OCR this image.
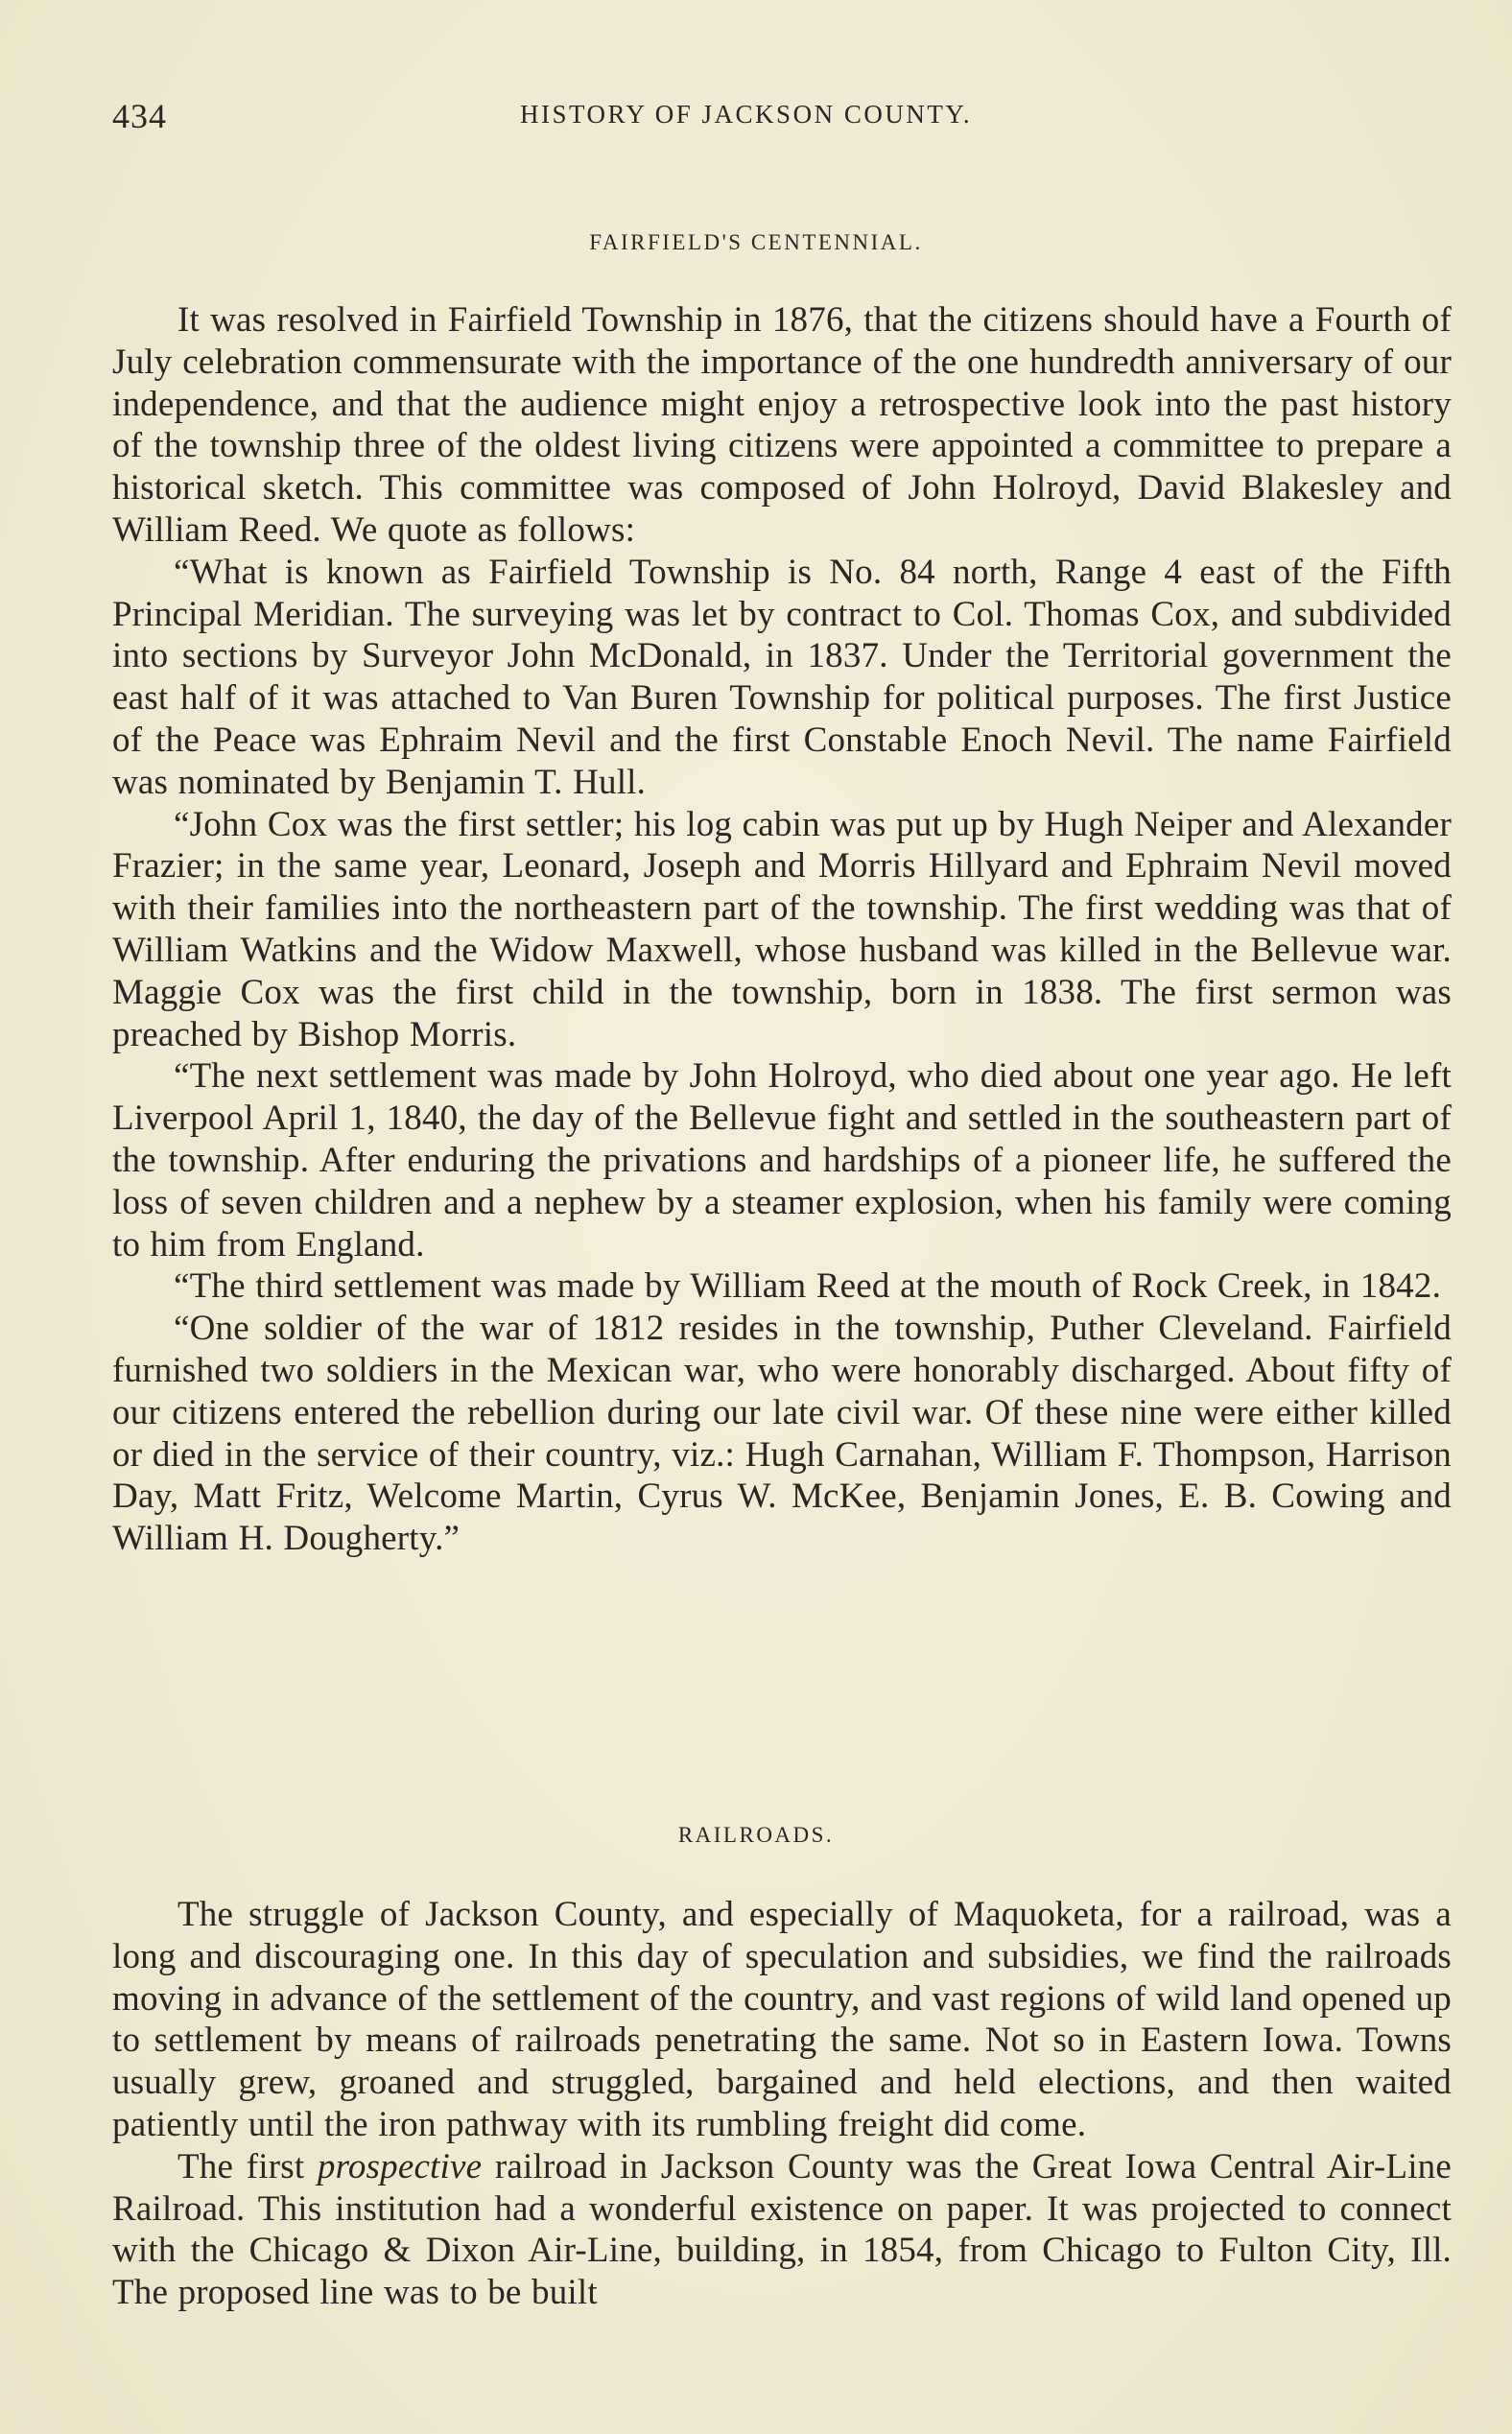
434	HISTORY OF JACKSON COUNTY.
FAIRFIELD'S CENTENNIAL.

It was resolved in Fairfield Township in 1876, that the citizens should have a Fourth of July celebration commensurate with the importance of the one hundredth anniversary of our independence, and that the audience might enjoy a retrospective look into the past history of the township three of the oldest living citizens were appointed a committee to prepare a historical sketch. This committee was composed of John Holroyd, David Blakesley and William Reed. We quote as follows:

“What is known as Fairfield Township is No. 84 north, Range 4 east of the Fifth Principal Meridian. The surveying was let by contract to Col. Thomas Cox, and subdivided into sections by Surveyor John McDonald, in 1837. Under the Territorial government the east half of it was attached to Van Buren Township for political purposes. The first Justice of the Peace was Ephraim Nevil and the first Constable Enoch Nevil. The name Fairfield was nominated by Benjamin T. Hull.

“John Cox was the first settler; his log cabin was put up by Hugh Neiper and Alexander Frazier; in the same year, Leonard, Joseph and Morris Hillyard and Ephraim Nevil moved with their families into the northeastern part of the township. The first wedding was that of William Watkins and the Widow Maxwell, whose husband was killed in the Bellevue war. Maggie Cox was the first child in the township, born in 1838. The first sermon was preached by Bishop Morris.

“The next settlement was made by John Holroyd, who died about one year ago. He left Liverpool April 1, 1840, the day of the Bellevue fight and settled in the southeastern part of the township. After enduring the privations and hardships of a pioneer life, he suffered the loss of seven children and a nephew by a steamer explosion, when his family were coming to him from England.

“The third settlement was made by William Reed at the mouth of Rock Creek, in 1842.

“One soldier of the war of 1812 resides in the township, Puther Cleveland. Fairfield furnished two soldiers in the Mexican war, who were honorably discharged. About fifty of our citizens entered the rebellion during our late civil war. Of these nine were either killed or died in the service of their country, viz.: Hugh Carnahan, William F. Thompson, Harrison Day, Matt Fritz, Welcome Martin, Cyrus W. McKee, Benjamin Jones, E. B. Cowing and William H. Dougherty.”

RAILROADS.

The struggle of Jackson County, and especially of Maquoketa, for a railroad, was a long and discouraging one. In this day of speculation and subsidies, we find the railroads moving in advance of the settlement of the country, and vast regions of wild land opened up to settlement by means of railroads penetrating the same. Not so in Eastern Iowa. Towns usually grew, groaned and struggled, bargained and held elections, and then waited patiently until the iron pathway with its rumbling freight did come.

The first prospective railroad in Jackson County was the Great Iowa Central Air-Line Railroad. This institution had a wonderful existence on paper. It was projected to connect with the Chicago & Dixon Air-Line, building, in 1854, from Chicago to Fulton City, Ill. The proposed line was to be built
